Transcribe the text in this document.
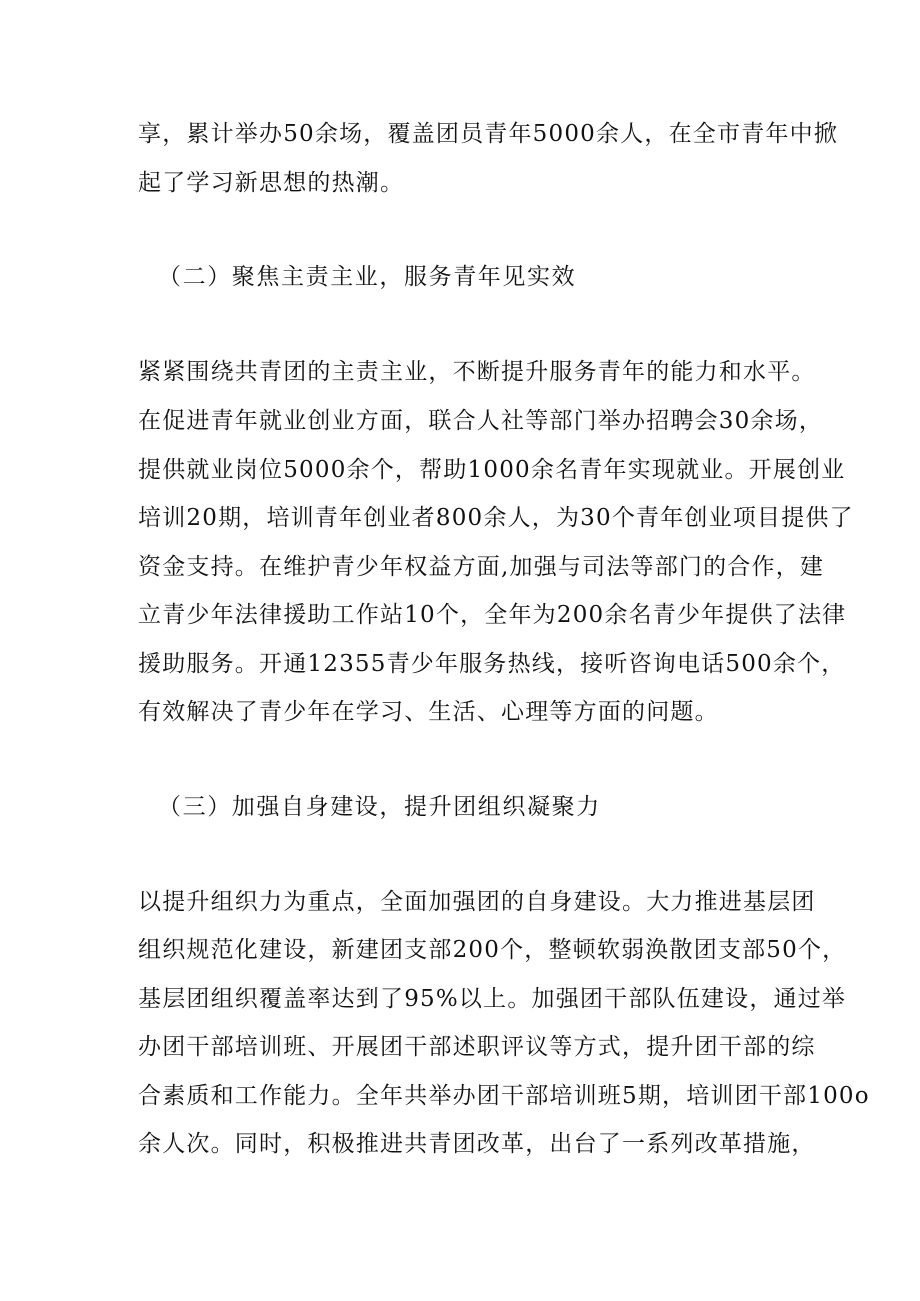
享，累计举办50余场，覆盖团员青年5000余人，在全市青年中掀
起了学习新思想的热潮。
（二）聚焦主责主业，服务青年见实效
紧紧围绕共青团的主责主业，不断提升服务青年的能力和水平。
在促进青年就业创业方面，联合人社等部门举办招聘会30余场，
提供就业岗位5000余个，帮助1000余名青年实现就业。开展创业
培训20期，培训青年创业者800余人，为30个青年创业项目提供了
资金支持。在维护青少年权益方面,加强与司法等部门的合作，建
立青少年法律援助工作站10个，全年为200余名青少年提供了法律
援助服务。开通12355青少年服务热线，接听咨询电话500余个，
有效解决了青少年在学习、生活、心理等方面的问题。
（三）加强自身建设，提升团组织凝聚力
以提升组织力为重点，全面加强团的自身建设。大力推进基层团
组织规范化建设，新建团支部200个，整顿软弱涣散团支部50个，
基层团组织覆盖率达到了95%以上。加强团干部队伍建设，通过举
办团干部培训班、开展团干部述职评议等方式，提升团干部的综
合素质和工作能力。全年共举办团干部培训班5期，培训团干部100o
余人次。同时，积极推进共青团改革，出台了一系列改革措施，
